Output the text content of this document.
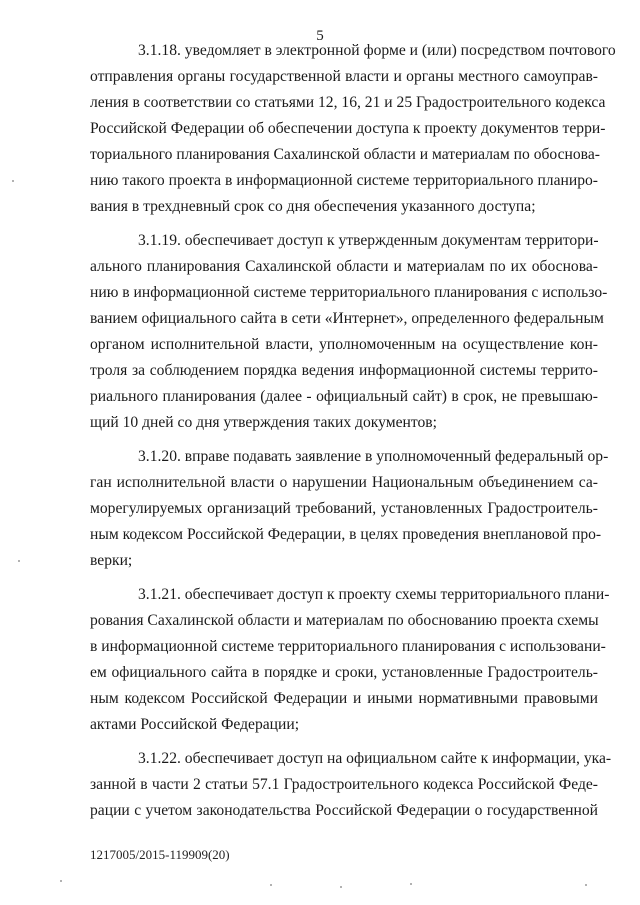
5
3.1.18. уведомляет в электронной форме и (или) посредством почтового
отправления органы государственной власти и органы местного самоуправ-
ления в соответствии со статьями 12, 16, 21 и 25 Градостроительного кодекса
Российской Федерации об обеспечении доступа к проекту документов терри-
ториального планирования Сахалинской области и материалам по обоснова-
нию такого проекта в информационной системе территориального планиро-
вания в трехдневный срок со дня обеспечения указанного доступа;
3.1.19. обеспечивает доступ к утвержденным документам территори-
ального планирования Сахалинской области и материалам по их обоснова-
нию в информационной системе территориального планирования с использо-
ванием официального сайта в сети «Интернет», определенного федеральным
органом исполнительной власти, уполномоченным на осуществление кон-
троля за соблюдением порядка ведения информационной системы террито-
риального планирования (далее - официальный сайт) в срок, не превышаю-
щий 10 дней со дня утверждения таких документов;
3.1.20. вправе подавать заявление в уполномоченный федеральный ор-
ган исполнительной власти о нарушении Национальным объединением са-
морегулируемых организаций требований, установленных Градостроитель-
ным кодексом Российской Федерации, в целях проведения внеплановой про-
верки;
3.1.21. обеспечивает доступ к проекту схемы территориального плани-
рования Сахалинской области и материалам по обоснованию проекта схемы
в информационной системе территориального планирования с использовани-
ем официального сайта в порядке и сроки, установленные Градостроитель-
ным кодексом Российской Федерации и иными нормативными правовыми
актами Российской Федерации;
3.1.22. обеспечивает доступ на официальном сайте к информации, ука-
занной в части 2 статьи 57.1 Градостроительного кодекса Российской Феде-
рации с учетом законодательства Российской Федерации о государственной
1217005/2015-119909(20)
